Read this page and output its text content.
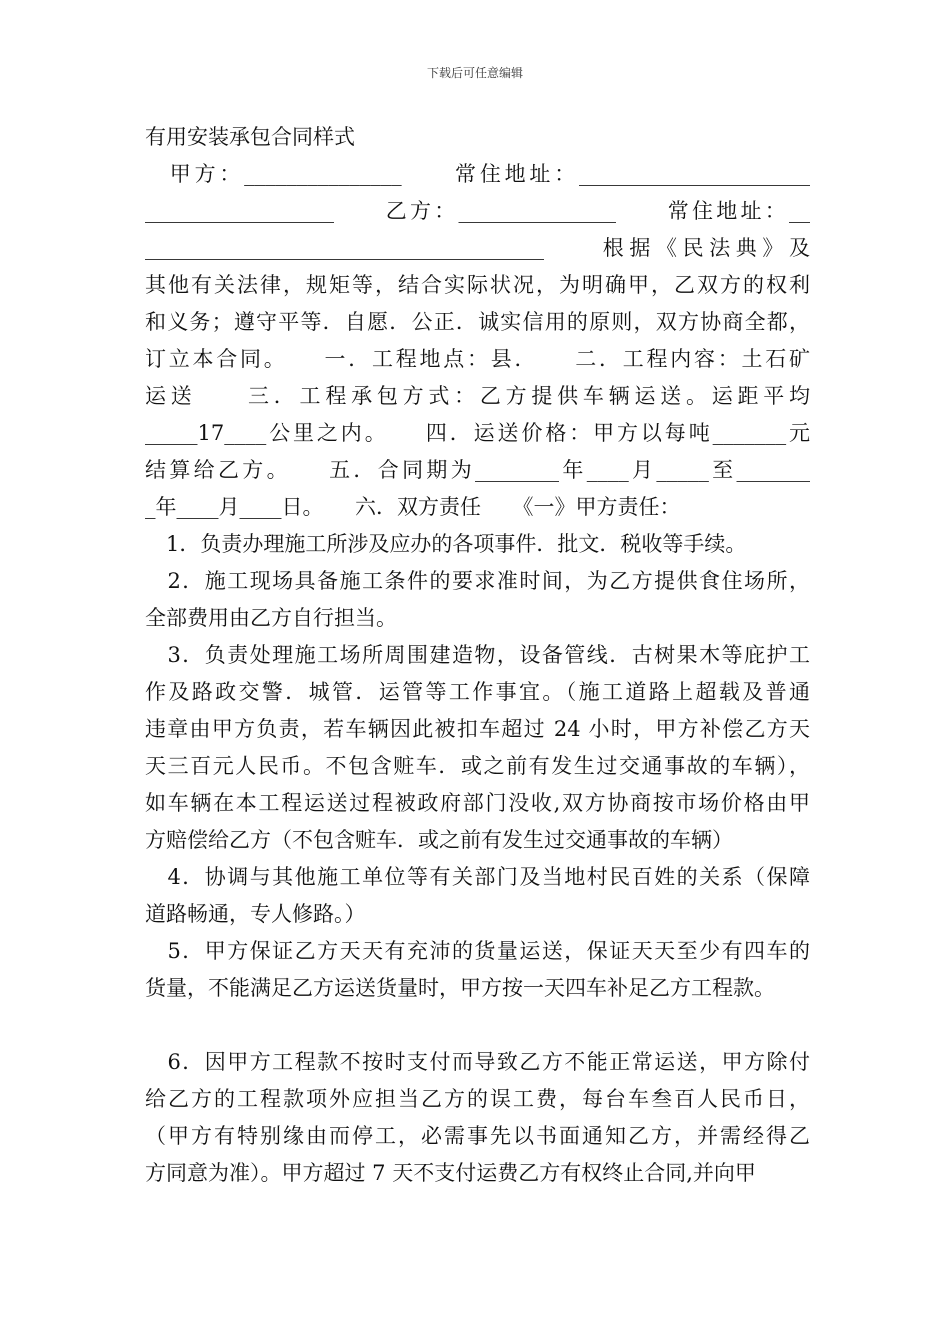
下载后可任意编辑
有用安装承包合同样式
　甲方：_______________　　常住地址：______________________
__________________　　乙方：_______________　　常住地址：__
______________________________________　　根据《民法典》及
其他有关法律，规矩等，结合实际状况，为明确甲，乙双方的权利
和义务；遵守平等．自愿．公正．诚实信用的原则，双方协商全都，
订立本合同。　　一．工程地点：县．　　二．工程内容：土石矿
运送　　三．工程承包方式：乙方提供车辆运送。运距平均
_____17____公里之内。　　四．运送价格：甲方以每吨_______元
结算给乙方。　　五．合同期为________年____月_____至_______
_年____月____日。　　六．双方责任　　《一》甲方责任：
　1．负责办理施工所涉及应办的各项事件．批文．税收等手续。
　2．施工现场具备施工条件的要求准时间，为乙方提供食住场所，
全部费用由乙方自行担当。
　3．负责处理施工场所周围建造物，设备管线．古树果木等庇护工
作及路政交警．城管．运管等工作事宜。（施工道路上超载及普通
违章由甲方负责，若车辆因此被扣车超过 24 小时，甲方补偿乙方天
天三百元人民币。不包含赃车．或之前有发生过交通事故的车辆），
如车辆在本工程运送过程被政府部门没收,双方协商按市场价格由甲
方赔偿给乙方（不包含赃车．或之前有发生过交通事故的车辆）
　4．协调与其他施工单位等有关部门及当地村民百姓的关系（保障
道路畅通，专人修路。）
　5．甲方保证乙方天天有充沛的货量运送，保证天天至少有四车的
货量，不能满足乙方运送货量时，甲方按一天四车补足乙方工程款。
　6．因甲方工程款不按时支付而导致乙方不能正常运送，甲方除付
给乙方的工程款项外应担当乙方的误工费，每台车叁百人民币日，
（甲方有特别缘由而停工，必需事先以书面通知乙方，并需经得乙
方同意为准）。甲方超过 7 天不支付运费乙方有权终止合同,并向甲
